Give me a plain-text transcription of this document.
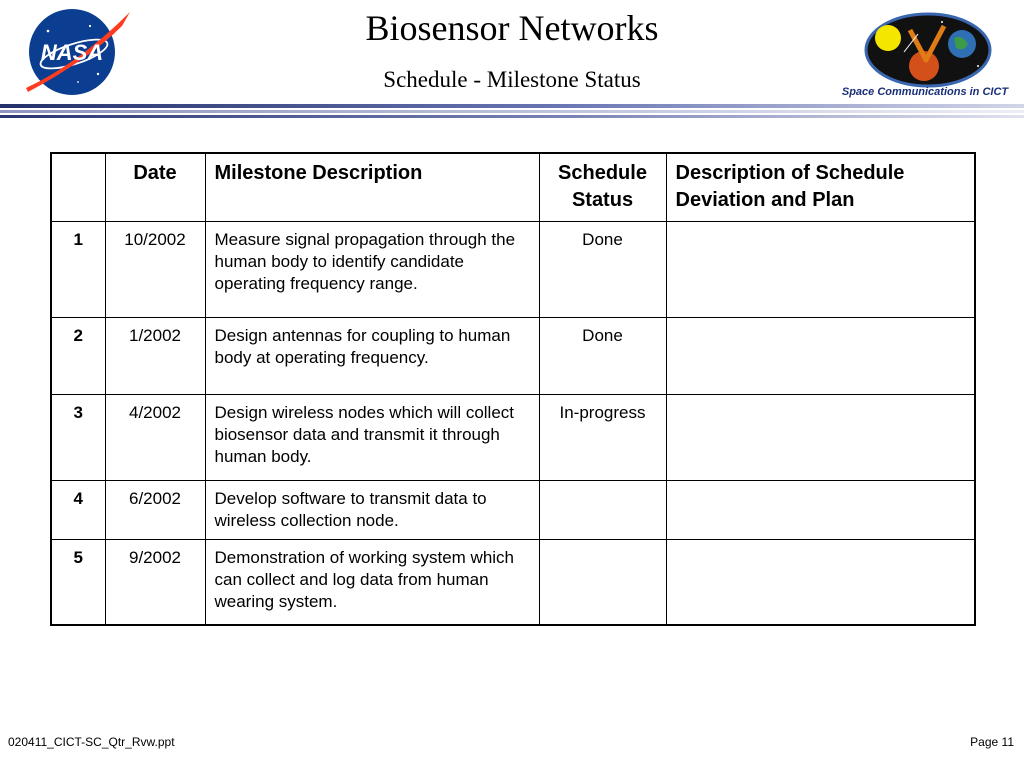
NASA
Biosensor Networks
Schedule - Milestone Status	Space Communications in CICT
	Date	Milestone Description	Schedule Status	Description of Schedule Deviation and Plan
1	10/2002	Measure signal propagation through the human body to identify candidate operating frequency range.	Done	
2	1/2002	Design antennas for coupling to human body at operating frequency.	Done	
3	4/2002	Design wireless nodes which will collect biosensor data and transmit it through human body.	In-progress	
4	6/2002	Develop software to transmit data to wireless collection node.		
5	9/2002	Demonstration of working system which can collect and log data from human wearing system.		
020411_CICT-SC_Qtr_Rvw.ppt	Page 11
